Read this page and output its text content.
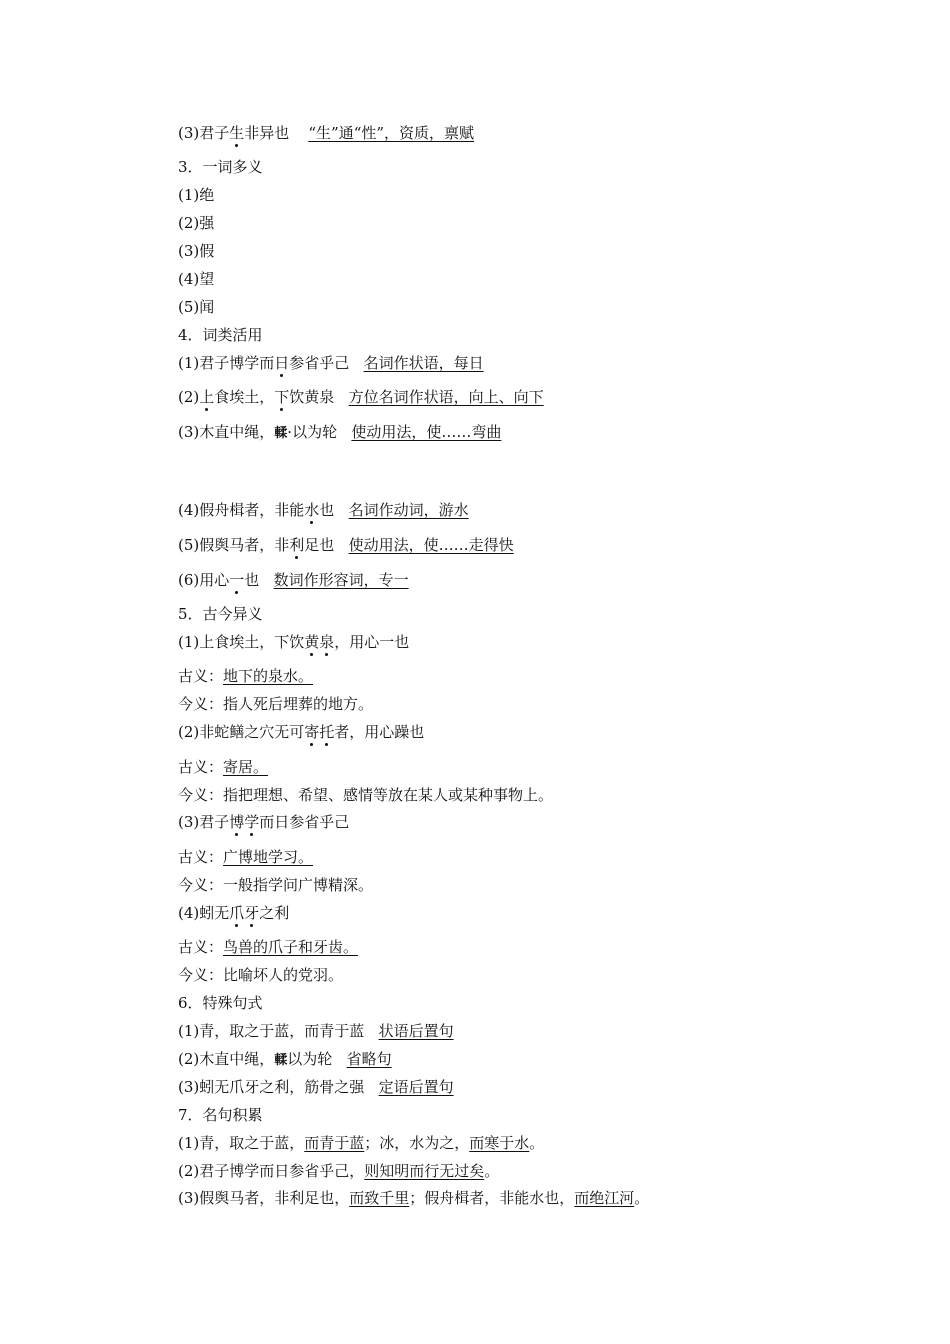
(3)君子生非异也 “生”通“性”，资质，禀赋
3．一词多义
(1)绝
(2)强
(3)假
(4)望
(5)闻
4．词类活用
(1)君子博学而日参省乎己 名词作状语，每日
(2)上食埃土，下饮黄泉 方位名词作状语，向上、向下
(3)木直中绳，輮·以为轮 使动用法，使……弯曲
(4)假舟楫者，非能水也 名词作动词，游水
(5)假舆马者，非利足也 使动用法，使……走得快
(6)用心一也 数词作形容词，专一
5．古今异义
(1)上食埃土，下饮黄泉，用心一也
古义：地下的泉水。
今义：指人死后埋葬的地方。
(2)非蛇鳝之穴无可寄托者，用心躁也
古义：寄居。
今义：指把理想、希望、感情等放在某人或某种事物上。
(3)君子博学而日参省乎己
古义：广博地学习。
今义：一般指学问广博精深。
(4)蚓无爪牙之利
古义：鸟兽的爪子和牙齿。
今义：比喻坏人的党羽。
6．特殊句式
(1)青，取之于蓝，而青于蓝 状语后置句
(2)木直中绳，輮以为轮 省略句
(3)蚓无爪牙之利，筋骨之强 定语后置句
7．名句积累
(1)青，取之于蓝，而青于蓝；冰，水为之，而寒于水。
(2)君子博学而日参省乎己，则知明而行无过矣。
(3)假舆马者，非利足也，而致千里；假舟楫者，非能水也，而绝江河。
